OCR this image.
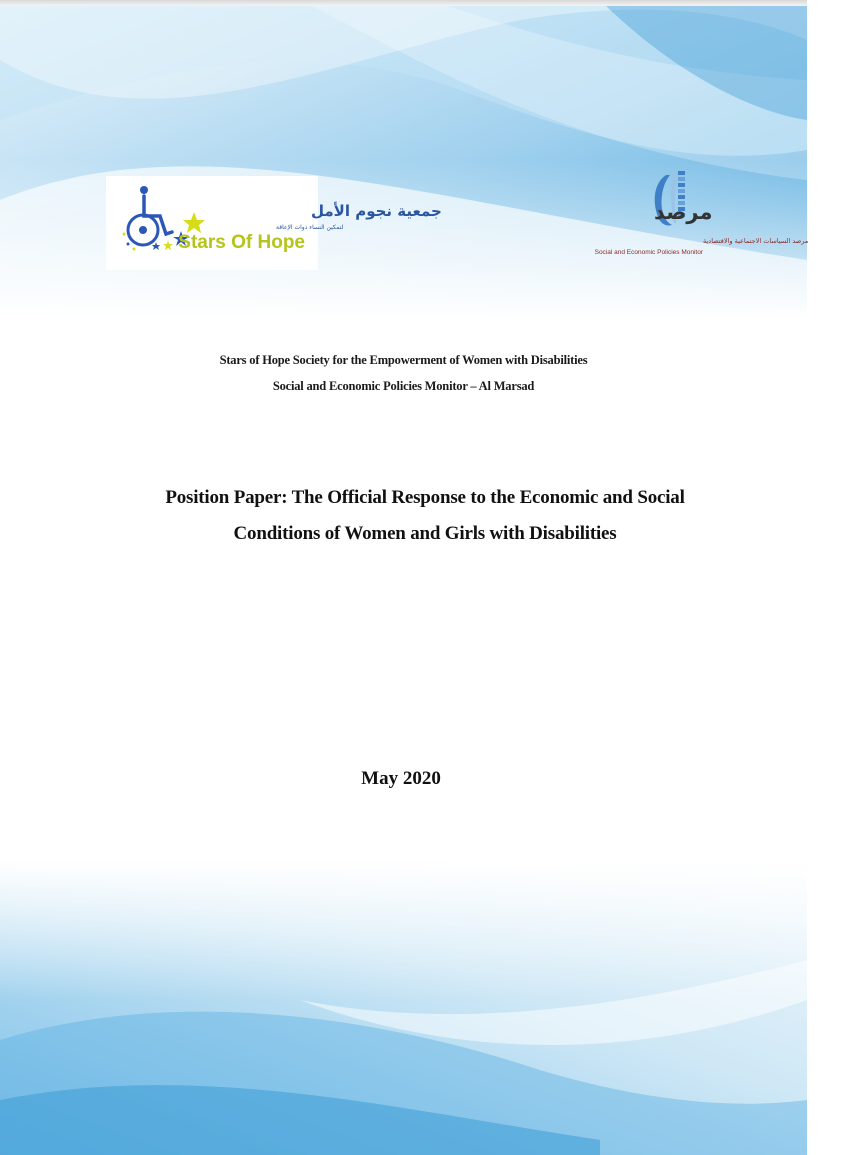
جمعية نجوم الأمل
لتمكين النساء ذوات الإعاقة
Stars Of Hope
مرصد
مرصد السياسات الاجتماعية والاقتصادية
Social and Economic Policies Monitor
Stars of Hope Society for the Empowerment of Women with Disabilities
Social and Economic Policies Monitor – Al Marsad
Position Paper: The Official Response to the Economic and Social
Conditions of Women and Girls with Disabilities
May 2020
